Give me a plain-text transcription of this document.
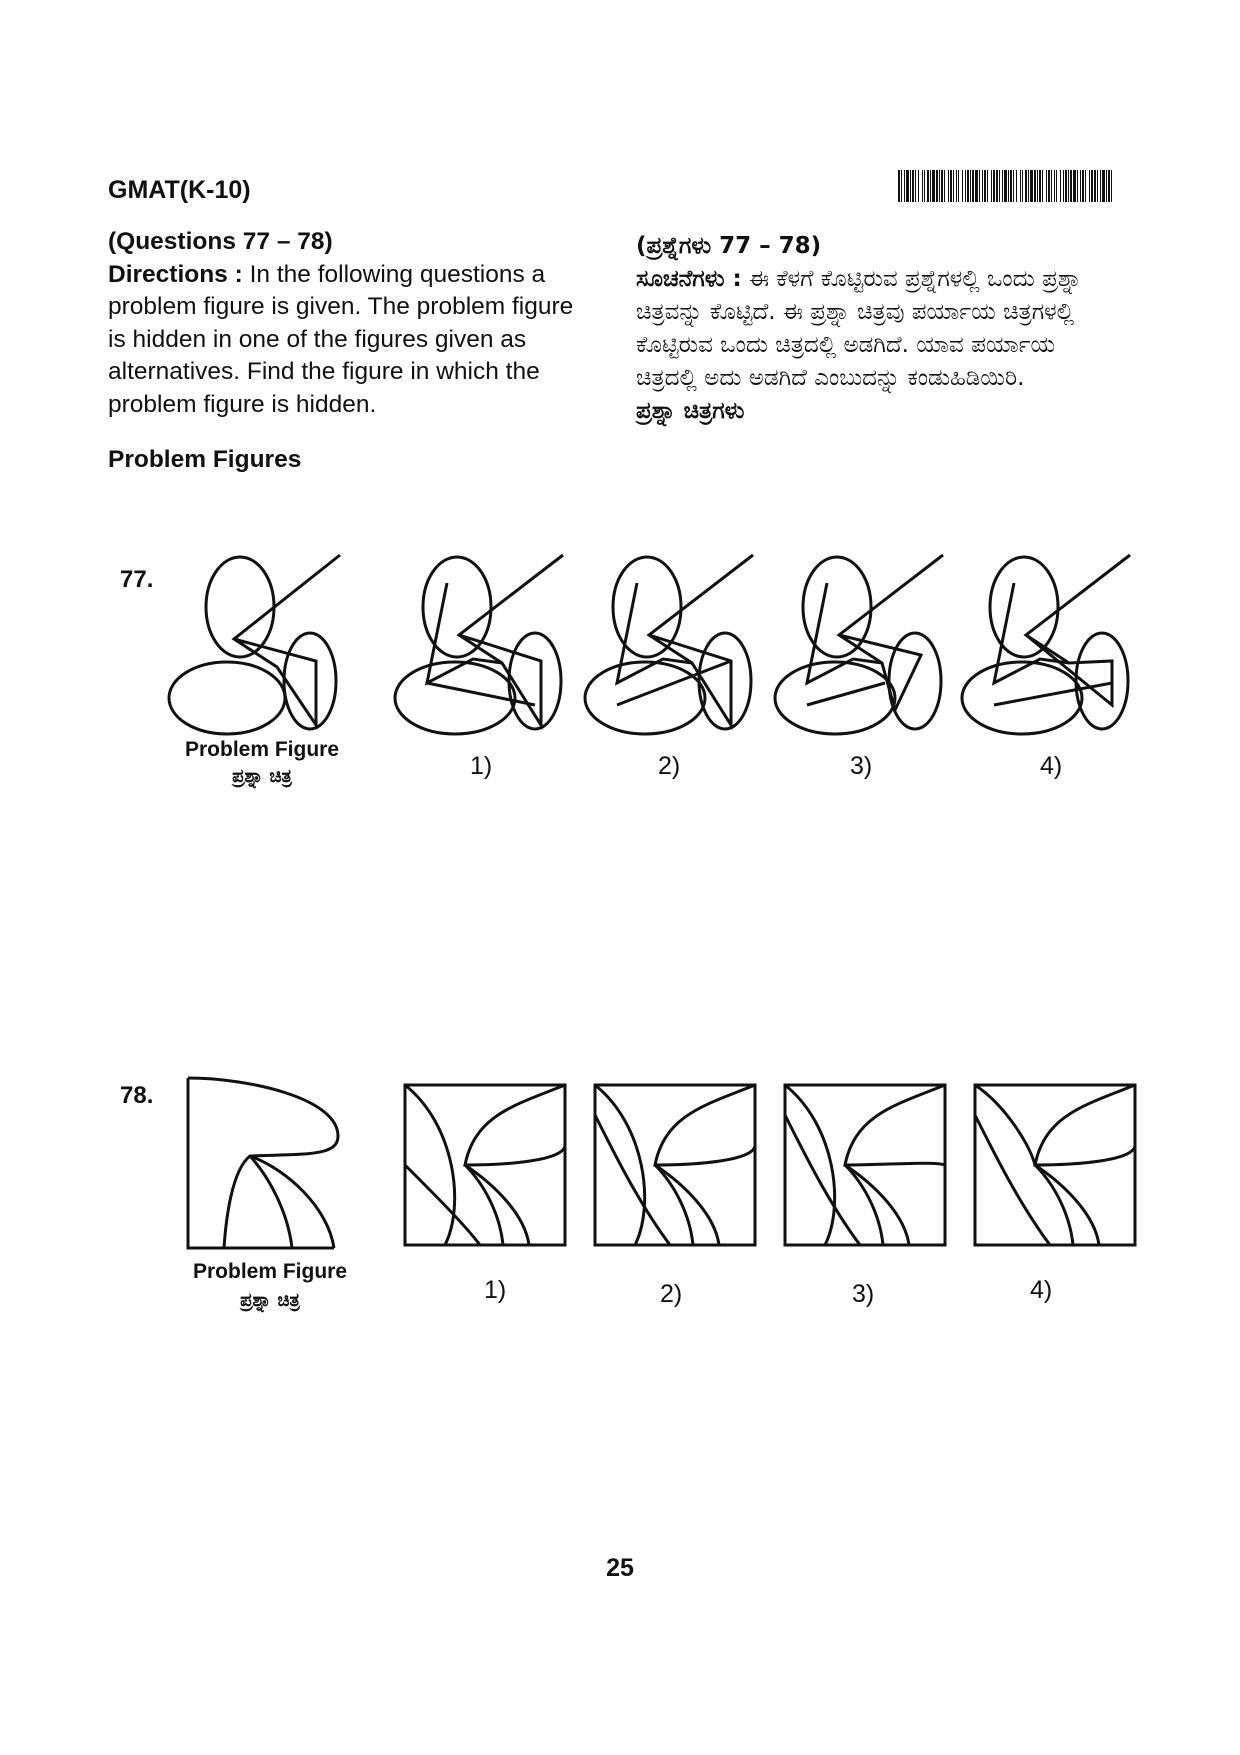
GMAT(K-10)
(Questions 77 – 78)
Directions : In the following questions a problem figure is given. The problem figure is hidden in one of the figures given as alternatives. Find the figure in which the problem figure is hidden.
Problem Figures
(ಪ್ರಶ್ನೆಗಳು 77 – 78)
ಸೂಚನೆಗಳು : ಈ ಕೆಳಗೆ ಕೊಟ್ಟಿರುವ ಪ್ರಶ್ನೆಗಳಲ್ಲಿ ಒಂದು ಪ್ರಶ್ನಾ ಚಿತ್ರವನ್ನು ಕೊಟ್ಟಿದೆ. ಈ ಪ್ರಶ್ನಾ ಚಿತ್ರವು ಪರ್ಯಾಯ ಚಿತ್ರಗಳಲ್ಲಿ ಕೊಟ್ಟಿರುವ ಒಂದು ಚಿತ್ರದಲ್ಲಿ ಅಡಗಿದೆ. ಯಾವ ಪರ್ಯಾಯ ಚಿತ್ರದಲ್ಲಿ ಅದು ಅಡಗಿದೆ ಎಂಬುದನ್ನು ಕಂಡುಹಿಡಿಯಿರಿ.
ಪ್ರಶ್ನಾ ಚಿತ್ರಗಳು
77.
Problem Figure
ಪ್ರಶ್ನಾ ಚಿತ್ರ	1)	2)	3)	4)
78.
Problem Figure
ಪ್ರಶ್ನಾ ಚಿತ್ರ	1)	2)	3)	4)
25
